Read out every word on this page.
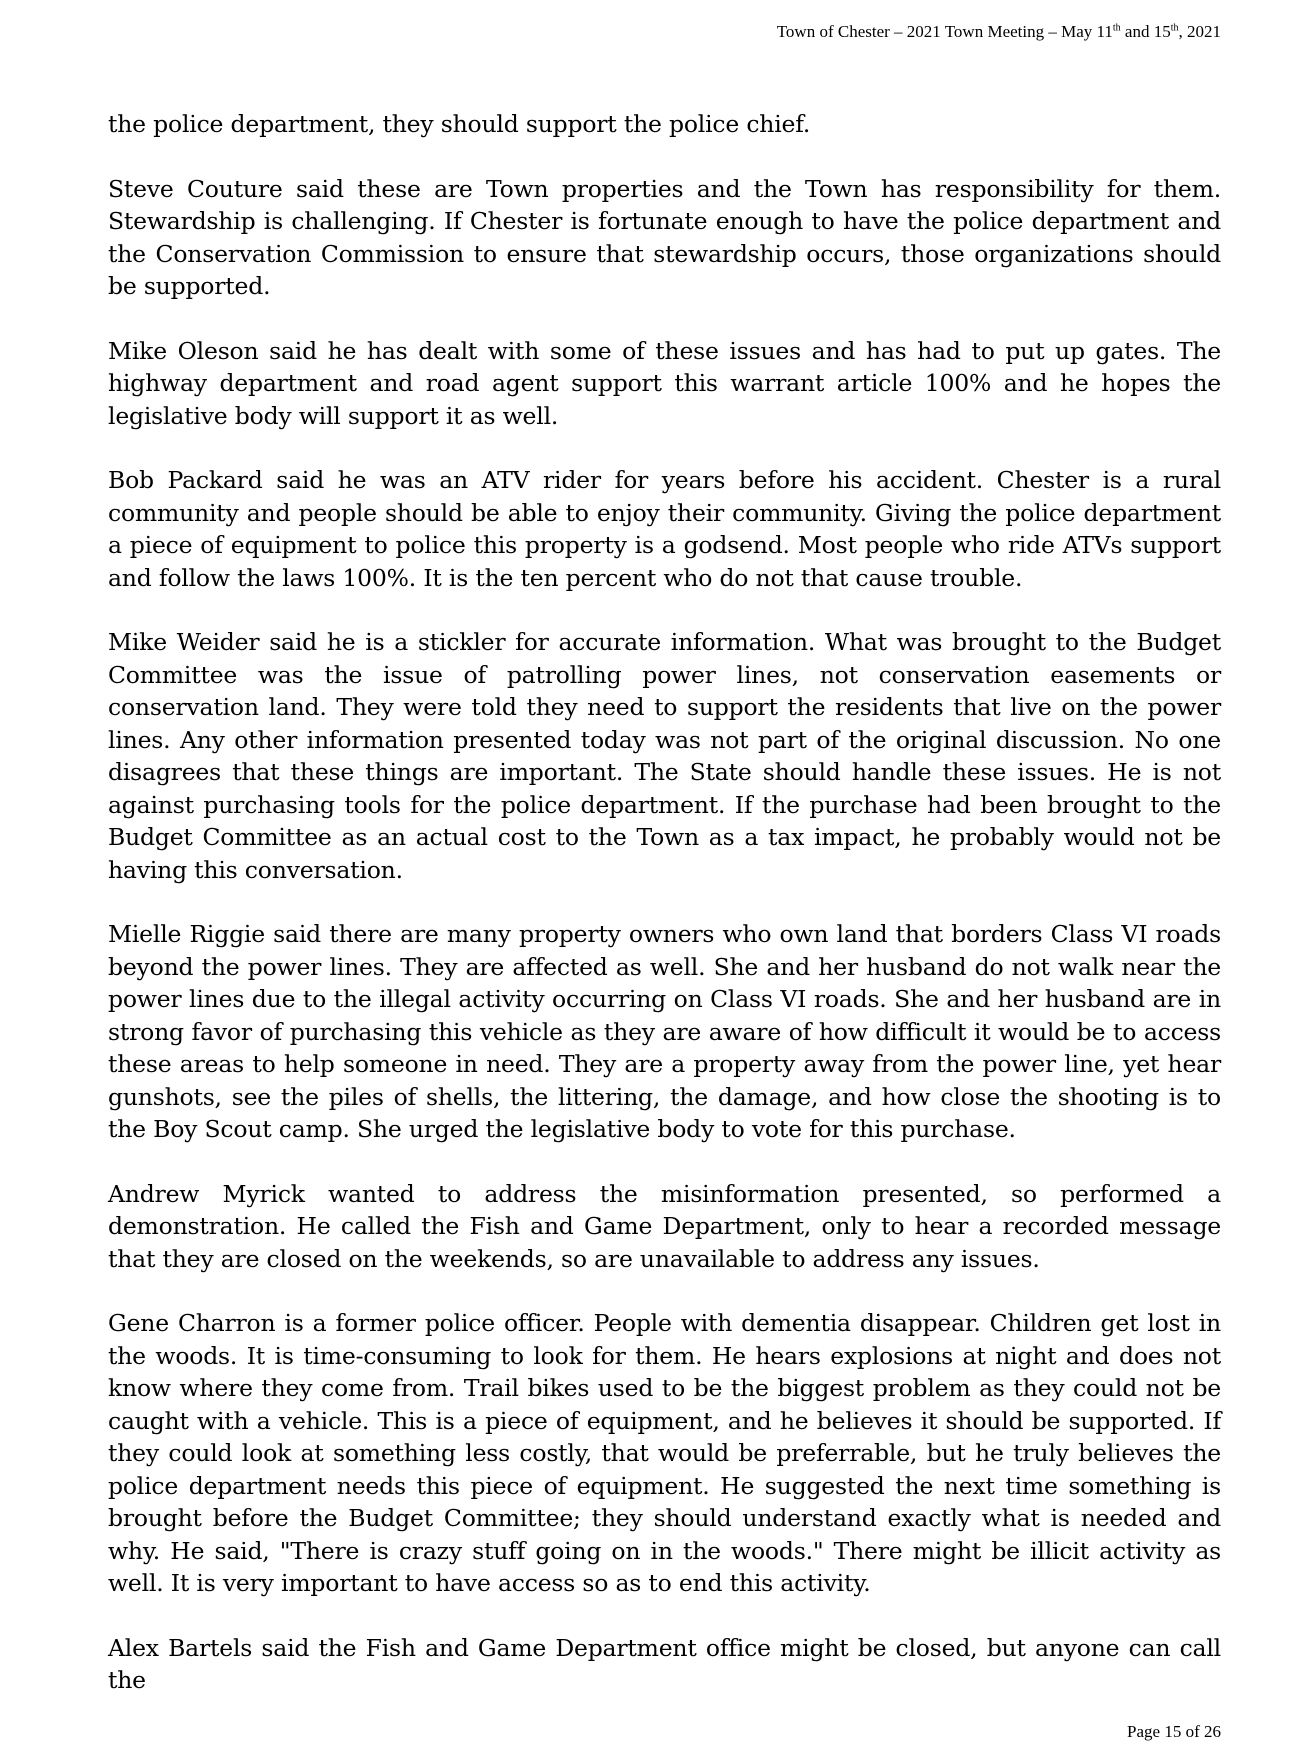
Town of Chester – 2021 Town Meeting – May 11th and 15th, 2021

the police department, they should support the police chief.

Steve Couture said these are Town properties and the Town has responsibility for them. Stewardship is challenging. If Chester is fortunate enough to have the police department and the Conservation Commission to ensure that stewardship occurs, those organizations should be supported.

Mike Oleson said he has dealt with some of these issues and has had to put up gates. The highway department and road agent support this warrant article 100% and he hopes the legislative body will support it as well.

Bob Packard said he was an ATV rider for years before his accident. Chester is a rural community and people should be able to enjoy their community. Giving the police department a piece of equipment to police this property is a godsend. Most people who ride ATVs support and follow the laws 100%. It is the ten percent who do not that cause trouble.

Mike Weider said he is a stickler for accurate information. What was brought to the Budget Committee was the issue of patrolling power lines, not conservation easements or conservation land. They were told they need to support the residents that live on the power lines. Any other information presented today was not part of the original discussion. No one disagrees that these things are important. The State should handle these issues. He is not against purchasing tools for the police department. If the purchase had been brought to the Budget Committee as an actual cost to the Town as a tax impact, he probably would not be having this conversation.

Mielle Riggie said there are many property owners who own land that borders Class VI roads beyond the power lines. They are affected as well. She and her husband do not walk near the power lines due to the illegal activity occurring on Class VI roads. She and her husband are in strong favor of purchasing this vehicle as they are aware of how difficult it would be to access these areas to help someone in need. They are a property away from the power line, yet hear gunshots, see the piles of shells, the littering, the damage, and how close the shooting is to the Boy Scout camp. She urged the legislative body to vote for this purchase.

Andrew Myrick wanted to address the misinformation presented, so performed a demonstration. He called the Fish and Game Department, only to hear a recorded message that they are closed on the weekends, so are unavailable to address any issues.

Gene Charron is a former police officer. People with dementia disappear. Children get lost in the woods. It is time-consuming to look for them. He hears explosions at night and does not know where they come from. Trail bikes used to be the biggest problem as they could not be caught with a vehicle. This is a piece of equipment, and he believes it should be supported. If they could look at something less costly, that would be preferrable, but he truly believes the police department needs this piece of equipment. He suggested the next time something is brought before the Budget Committee; they should understand exactly what is needed and why. He said, "There is crazy stuff going on in the woods." There might be illicit activity as well. It is very important to have access so as to end this activity.

Alex Bartels said the Fish and Game Department office might be closed, but anyone can call the

Page 15 of 26
